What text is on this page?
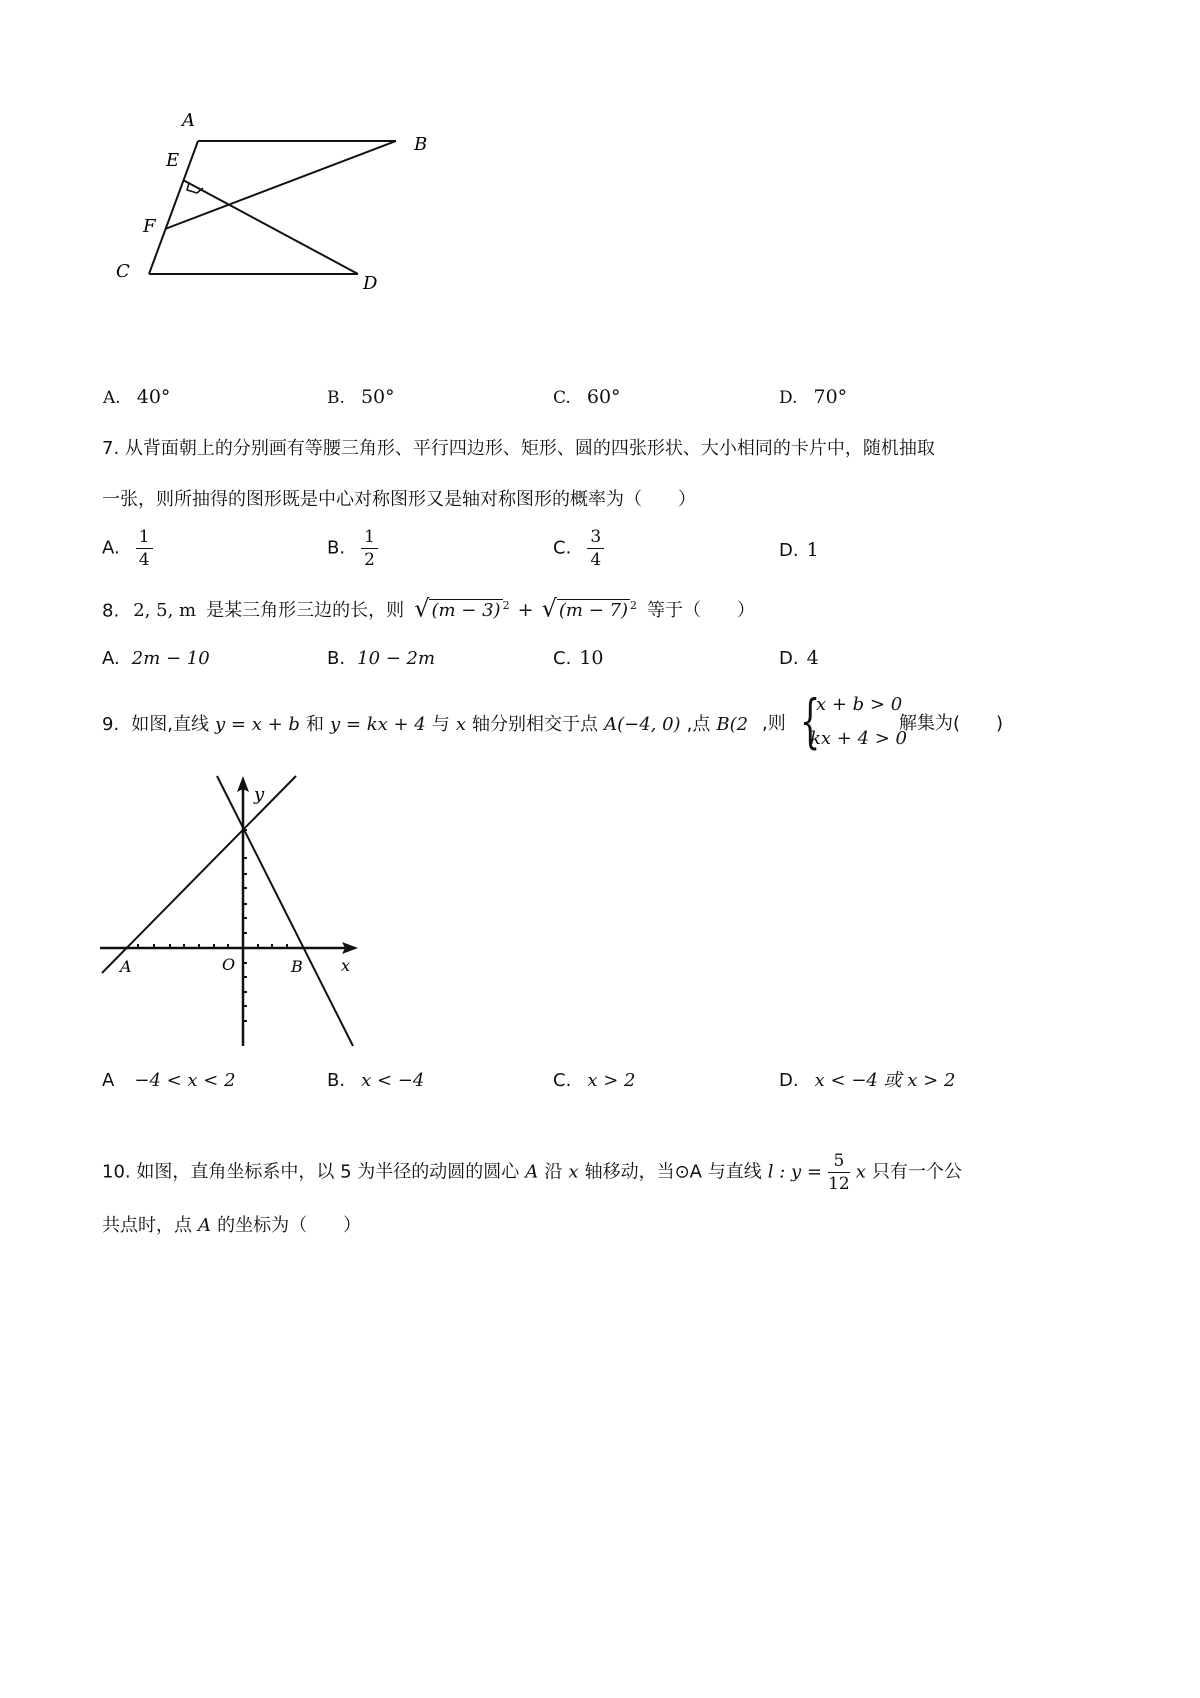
A
B
E
F
C
D
A. 40°	B. 50°	C. 60°	D. 70°
7. 从背面朝上的分别画有等腰三角形、平行四边形、矩形、圆的四张形状、大小相同的卡片中，随机抽取
一张，则所抽得的图形既是中心对称图形又是轴对称图形的概率为（　　）
A. $\frac{1}{4}$	B. $\frac{1}{2}$	C. $\frac{3}{4}$	D. 1
8. 2, 5, m 是某三角形三边的长，则 √ (m − 3) $^2$ + √ (m − 7) $^2$ 等于（　　）
A. 2m − 10	B. 10 − 2m	C. 10	D. 4
9. 如图,直线 y = x + b 和 y = kx + 4 与 x 轴分别相交于点 A(−4, 0) ,点 B(2 ,则 {
x + b > 0
kx + 4 > 0
解集为(　　)
y
x
O
A	B
A −4 < x < 2	B. x < −4	C. x > 2	D. x < −4 或 x > 2
10. 如图，直角坐标系中，以 5 为半径的动圆的圆心 A 沿 x 轴移动，当⊙A 与直线 l : $y = \frac{5}{12}$ x 只有一个公
共点时，点 A 的坐标为（　　）
